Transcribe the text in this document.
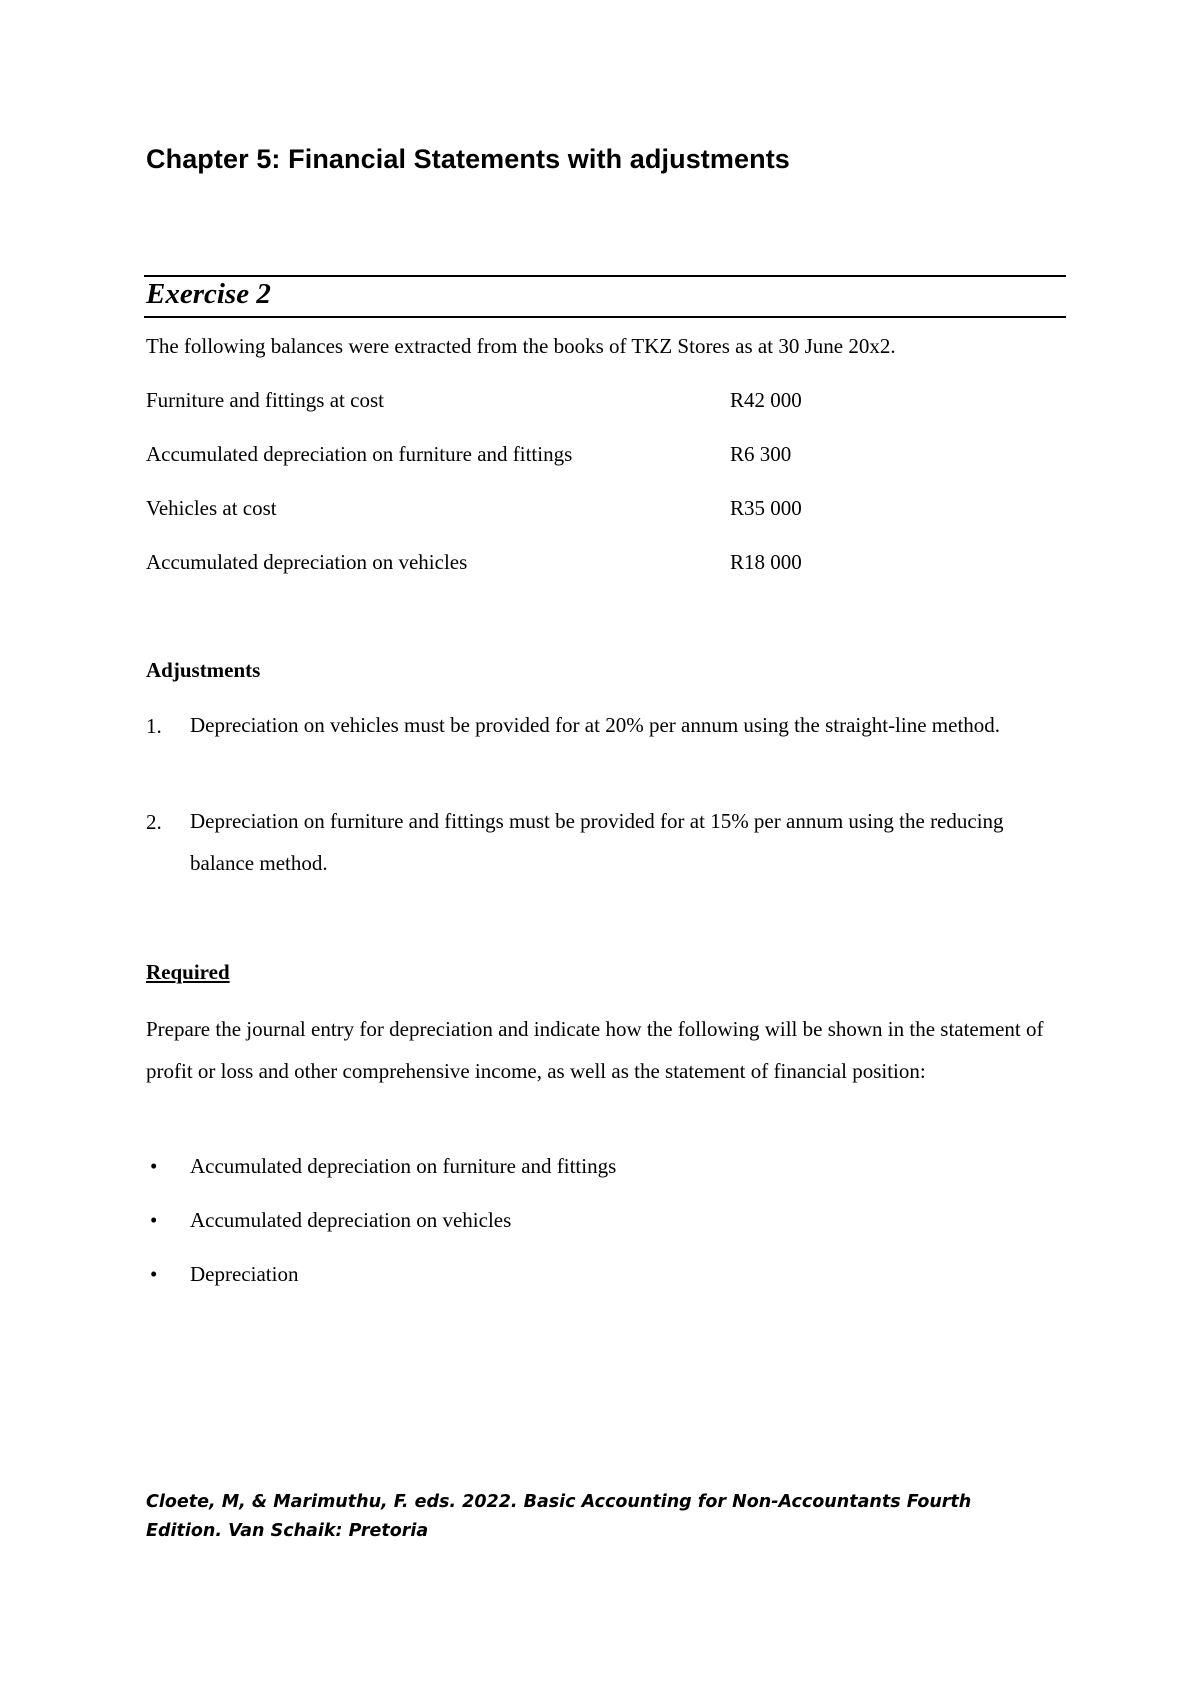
Chapter 5: Financial Statements with adjustments
Exercise 2

The following balances were extracted from the books of TKZ Stores as at 30 June 20x2.

Furniture and fittings at cost	R42 000

Accumulated depreciation on furniture and fittings	R6 300

Vehicles at cost	R35 000

Accumulated depreciation on vehicles	R18 000

Adjustments

1. Depreciation on vehicles must be provided for at 20% per annum using the straight-line method.

2. Depreciation on furniture and fittings must be provided for at 15% per annum using the reducing balance method.

Required

Prepare the journal entry for depreciation and indicate how the following will be shown in the statement of profit or loss and other comprehensive income, as well as the statement of financial position:

• Accumulated depreciation on furniture and fittings

• Accumulated depreciation on vehicles

• Depreciation

Cloete, M, & Marimuthu, F. eds. 2022. Basic Accounting for Non-Accountants Fourth
Edition. Van Schaik: Pretoria
